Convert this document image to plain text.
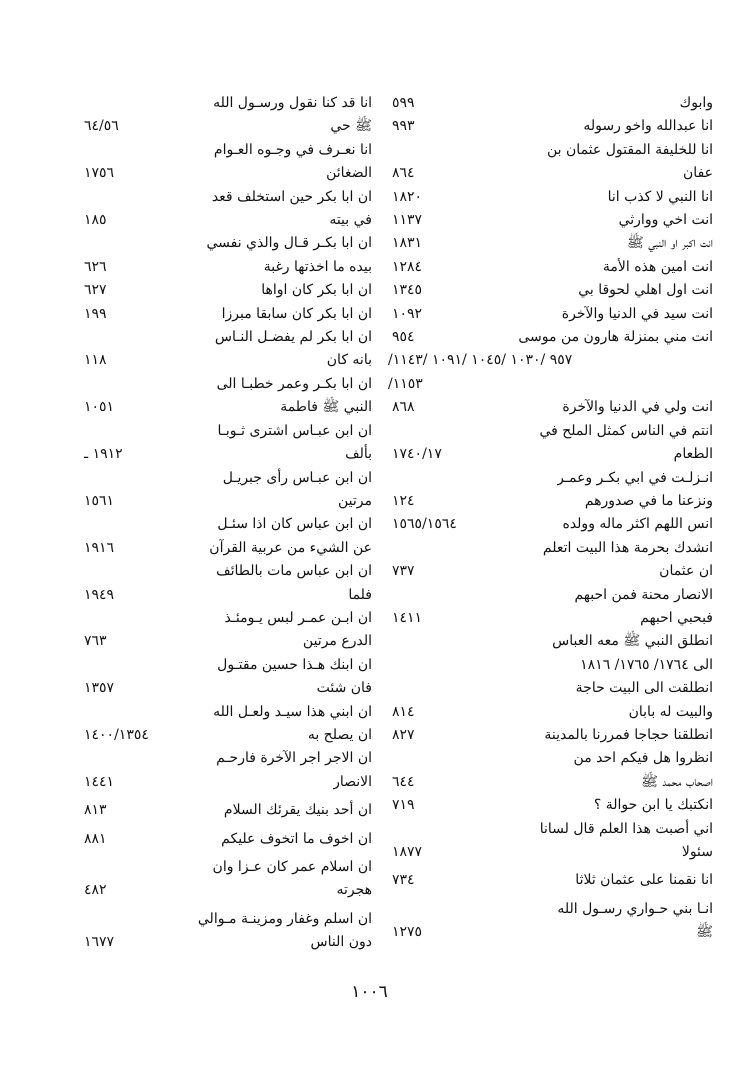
وابوك
٥٩٩
انا عبدالله واخو رسوله
٩٩٣
انا للخليفة المقتول عثمان بن
عفان
٨٦٤
انا النبي لا كذب انا
١٨٢٠
انت اخي ووارثي
١١٣٧
انت اكبر او النبي ﷺ
١٨٣١
انت امين هذه الأمة
١٢٨٤
انت اول اهلي لحوقا بي
١٣٤٥
انت سيد في الدنيا والآخرة
١٠٩٢
انت مني بمنزلة هارون من موسى
٩٥٤
/٩٥٧ /١٠٣٠ /١٠٤٥ /١٠٩١ /١١٤٣
/١١٥٣
انت ولي في الدنيا والآخرة
٨٦٨
انتم في الناس كمثل الملح في
الطعام
١٧٤٠/١٧
انـزلـت في ابي بكـر وعمـر
ونزعنا ما في صدورهم
١٢٤
انس اللهم اكثر ماله وولده
١٥٦٥/١٥٦٤
انشدك بحرمة هذا البيت اتعلم
ان عثمان
٧٣٧
الانصار محنة فمن احبهم
فبحبي احبهم
١٤١١
انطلق النبي ﷺ معه العباس
الى ١٧٦٤/ ١٧٦٥/ ١٨١٦
انطلقت الى البيت حاجة
والبيت له بابان
٨١٤
انطلقنا حجاجا فمررنا بالمدينة
٨٢٧
انظروا هل فيكم احد من
اصحاب محمد ﷺ
٦٤٤
انكتبك يا ابن حوالة ؟
٧١٩
اني أصبت هذا العلم قال لسانا
سئولا
١٨٧٧
انا نقمنا على عثمان ثلاثا
٧٣٤
انـا بني حـواري رسـول الله
ﷺ
١٢٧٥
انا قد كنا نقول ورسـول الله
ﷺ حي
٦٤/٥٦
انا نعـرف في وجـوه العـوام
الضغائن
١٧٥٦
ان ابا بكر حين استخلف قعد
في بيته
١٨٥
ان ابا بكـر قـال والذي نفسي
بيده ما اخذتها رغبة
٦٢٦
ان ابا بكر كان اواها
٦٢٧
ان ابا بكر كان سابقا مبرزا
١٩٩
ان ابا بكر لم يفضـل النـاس
بانه كان
١١٨
ان ابا بكـر وعمر خطبـا الى
النبي ﷺ فاطمة
١٠٥١
ان ابن عبـاس اشترى ثـوبـا
بألف
١٩١٢ ـ
ان ابن عبـاس رأى جبريـل
مرتين
١٥٦١
ان ابن عباس كان اذا سئـل
عن الشيء من عربية القرآن
١٩١٦
ان ابن عباس مات بالطائف
فلما
١٩٤٩
ان ابـن عمـر لبس يـومئـذ
الدرع مرتين
٧٦٣
ان ابنك هـذا حسين مقتـول
فان شئت
١٣٥٧
ان ابني هذا سيـد ولعـل الله
ان يصلح به
١٤٠٠/١٣٥٤
ان الاجر اجر الآخرة فارحـم
الانصار
١٤٤١
ان أحد بنيك يقرئك السلام
٨١٣
ان اخوف ما اتخوف عليكم
٨٨١
ان اسلام عمر كان عـزا وان
هجرته
٤٨٢
ان اسلم وغفار ومزينـة مـوالي
دون الناس
١٦٧٧
١٠٠٦
